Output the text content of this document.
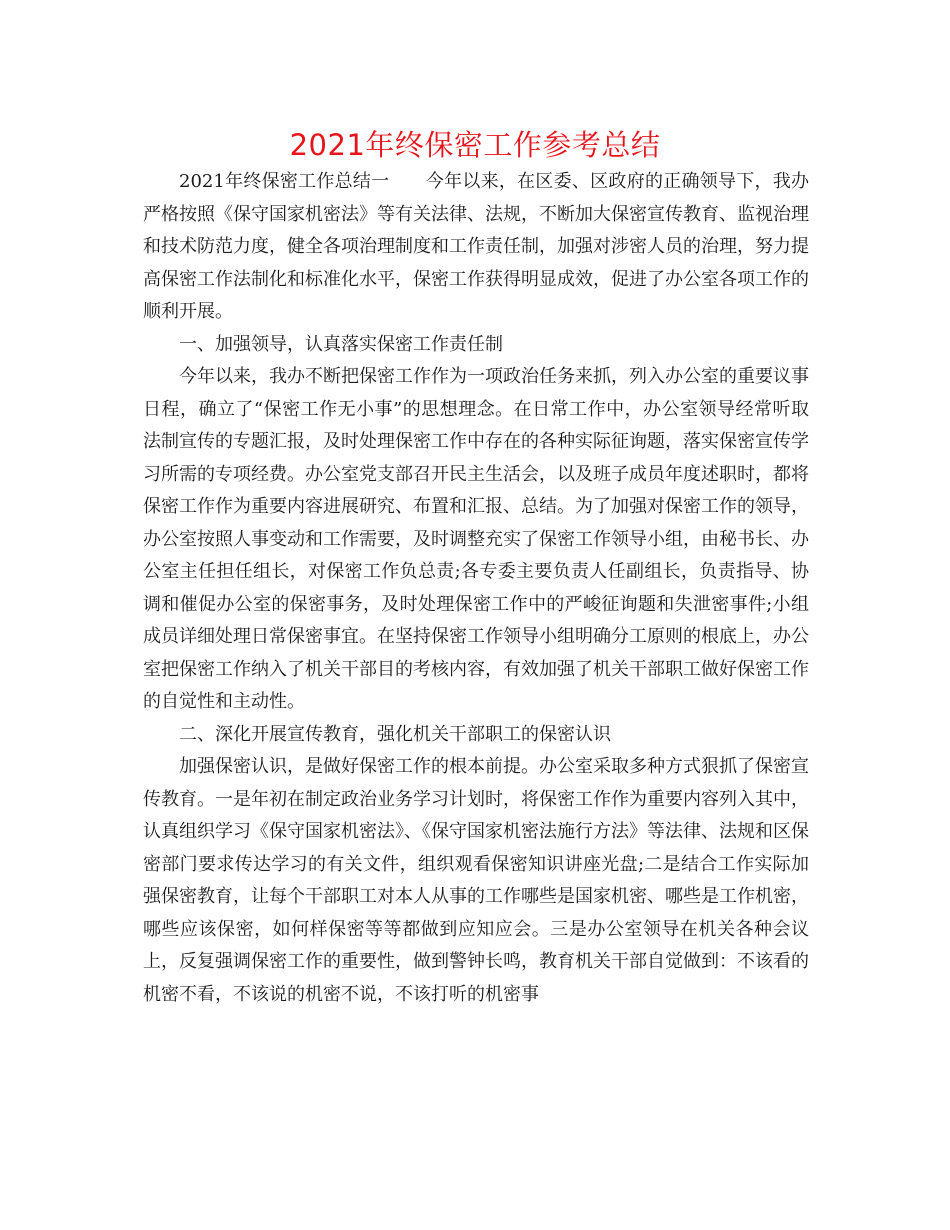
2021年终保密工作参考总结

2021年终保密工作总结一　　今年以来，在区委、区政府的正确领导下，我办严格按照《保守国家机密法》等有关法律、法规，不断加大保密宣传教育、监视治理和技术防范力度，健全各项治理制度和工作责任制，加强对涉密人员的治理，努力提高保密工作法制化和标准化水平，保密工作获得明显成效，促进了办公室各项工作的顺利开展。

一、加强领导，认真落实保密工作责任制

今年以来，我办不断把保密工作作为一项政治任务来抓，列入办公室的重要议事日程，确立了“保密工作无小事”的思想理念。在日常工作中，办公室领导经常听取法制宣传的专题汇报，及时处理保密工作中存在的各种实际征询题，落实保密宣传学习所需的专项经费。办公室党支部召开民主生活会，以及班子成员年度述职时，都将保密工作作为重要内容进展研究、布置和汇报、总结。为了加强对保密工作的领导，办公室按照人事变动和工作需要，及时调整充实了保密工作领导小组，由秘书长、办公室主任担任组长，对保密工作负总责;各专委主要负责人任副组长，负责指导、协调和催促办公室的保密事务，及时处理保密工作中的严峻征询题和失泄密事件;小组成员详细处理日常保密事宜。在坚持保密工作领导小组明确分工原则的根底上，办公室把保密工作纳入了机关干部目的考核内容，有效加强了机关干部职工做好保密工作的自觉性和主动性。

二、深化开展宣传教育，强化机关干部职工的保密认识

加强保密认识，是做好保密工作的根本前提。办公室采取多种方式狠抓了保密宣传教育。一是年初在制定政治业务学习计划时，将保密工作作为重要内容列入其中，认真组织学习《保守国家机密法》、《保守国家机密法施行方法》等法律、法规和区保密部门要求传达学习的有关文件，组织观看保密知识讲座光盘;二是结合工作实际加强保密教育，让每个干部职工对本人从事的工作哪些是国家机密、哪些是工作机密，哪些应该保密，如何样保密等等都做到应知应会。三是办公室领导在机关各种会议上，反复强调保密工作的重要性，做到警钟长鸣，教育机关干部自觉做到：不该看的机密不看，不该说的机密不说，不该打听的机密事
